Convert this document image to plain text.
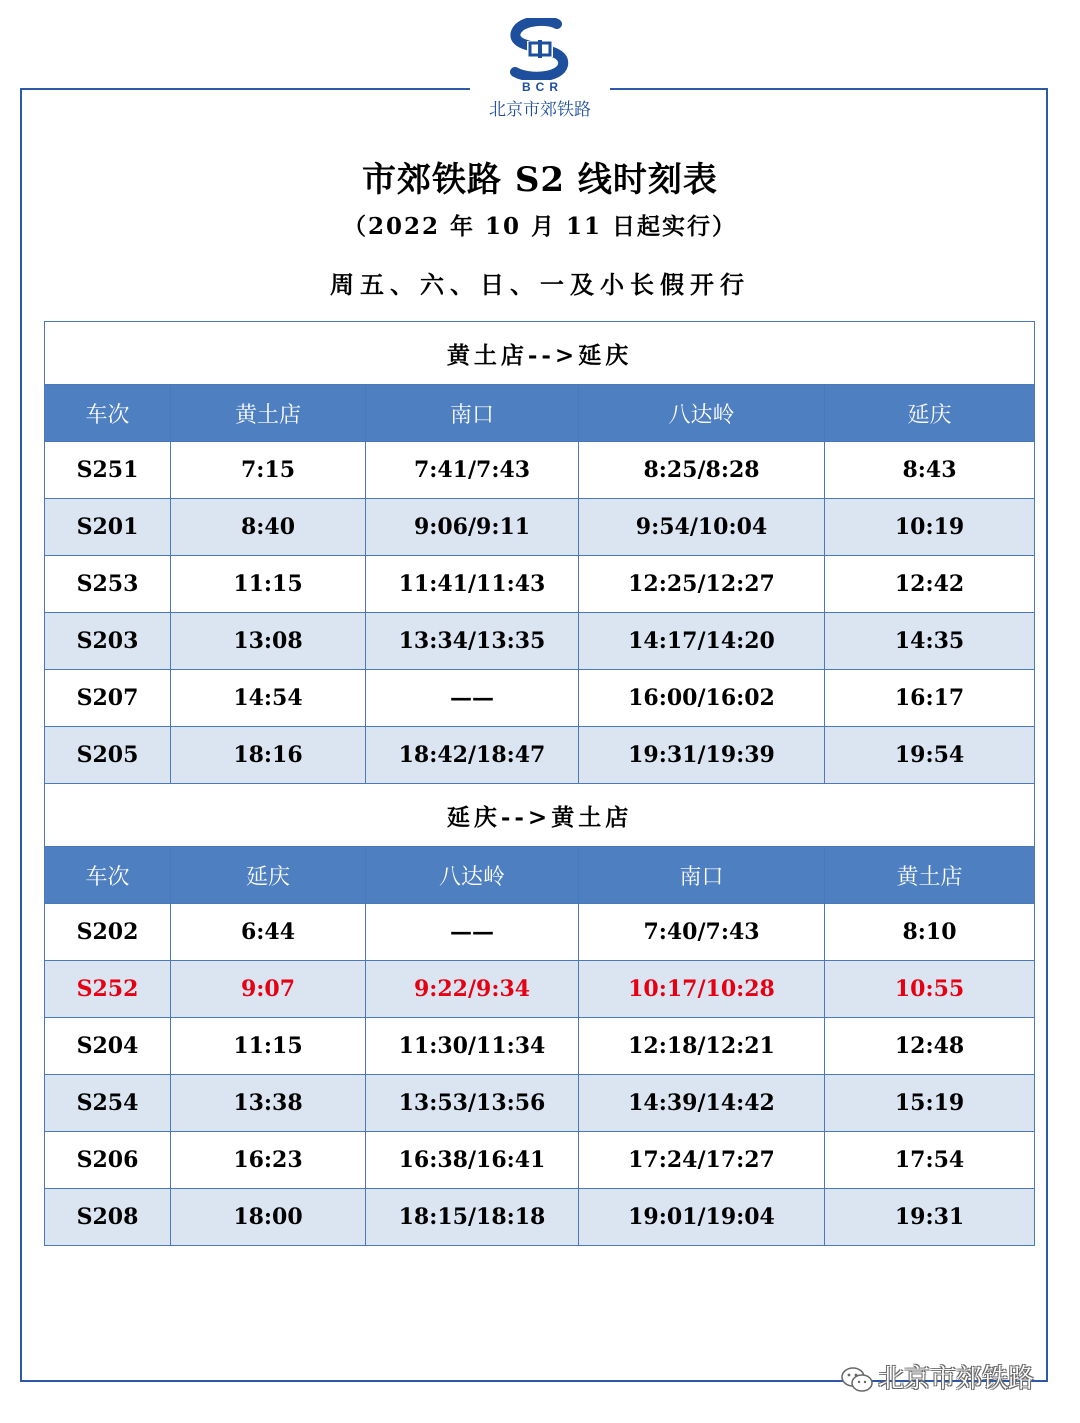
BCR
北京市郊铁路
市郊铁路 S2 线时刻表
（2022 年 10 月 11 日起实行）
周五、六、日、一及小长假开行
黄土店-->延庆				
车次	黄土店	南口	八达岭	延庆
S251	7:15	7:41/7:43	8:25/8:28	8:43
S201	8:40	9:06/9:11	9:54/10:04	10:19
S253	11:15	11:41/11:43	12:25/12:27	12:42
S203	13:08	13:34/13:35	14:17/14:20	14:35
S207	14:54	——	16:00/16:02	16:17
S205	18:16	18:42/18:47	19:31/19:39	19:54
延庆-->黄土店				
车次	延庆	八达岭	南口	黄土店
S202	6:44	——	7:40/7:43	8:10
S252	9:07	9:22/9:34	10:17/10:28	10:55
S204	11:15	11:30/11:34	12:18/12:21	12:48
S254	13:38	13:53/13:56	14:39/14:42	15:19
S206	16:23	16:38/16:41	17:24/17:27	17:54
S208	18:00	18:15/18:18	19:01/19:04	19:31
北京市郊铁路
